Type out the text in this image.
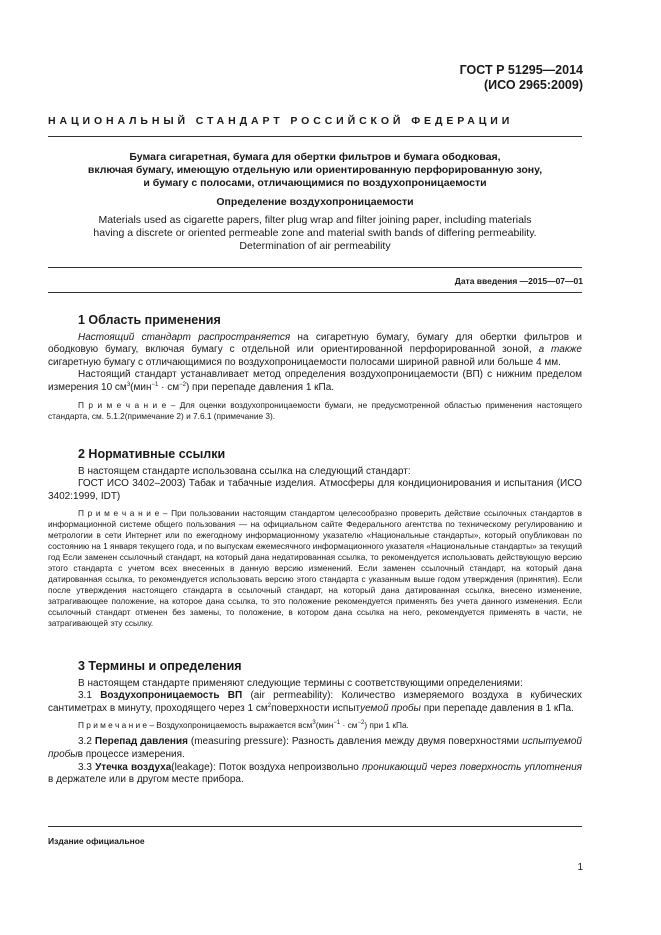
ГОСТ Р 51295—2014
(ИСО 2965:2009)
НАЦИОНАЛЬНЫЙ СТАНДАРТ РОССИЙСКОЙ ФЕДЕРАЦИИ
Бумага сигаретная, бумага для обертки фильтров и бумага ободковая,
включая бумагу, имеющую отдельную или ориентированную перфорированную зону,
и бумагу с полосами, отличающимися по воздухопроницаемости
Определение воздухопроницаемости
Materials used as cigarette papers, filter plug wrap and filter joining paper, including materials
having a discrete or oriented permeable zone and material swith bands of differing permeability.
Determination of air permeability
Дата введения —2015—07—01
1 Область применения

Настоящий стандарт распространяется на сигаретную бумагу, бумагу для обертки фильтров и ободковую бумагу, включая бумагу с отдельной или ориентированной перфорированной зоной, а также сигаретную бумагу с отличающимися по воздухопроницаемости полосами шириной равной или больше 4 мм.

Настоящий стандарт устанавливает метод определения воздухопроницаемости (ВП) с нижним пределом измерения 10 $см^3(мин^{-1} \cdot см^{-2})$ при перепаде давления 1 кПа.

П р и м е ч а н и е – Для оценки воздухопроницаемости бумаги, не предусмотренной областью применения настоящего стандарта, см. 5.1.2(примечание 2) и 7.6.1 (примечание 3).

2 Нормативные ссылки

В настоящем стандарте использована ссылка на следующий стандарт:

ГОСТ ИСО 3402–2003) Табак и табачные изделия. Атмосферы для кондиционирования и испытания (ИСО 3402:1999, IDT)

П р и м е ч а н и е – При пользовании настоящим стандартом целесообразно проверить действие ссылочных стандартов в информационной системе общего пользования — на официальном сайте Федерального агентства по техническому регулированию и метрологии в сети Интернет или по ежегодному информационному указателю «Национальные стандарты», который опубликован по состоянию на 1 января текущего года, и по выпускам ежемесячного информационного указателя «Национальные стандарты» за текущий год Если заменен ссылочный стандарт, на который дана недатированная ссылка, то рекомендуется использовать действующую версию этого стандарта с учетом всех внесенных в данную версию изменений. Если заменен ссылочный стандарт, на который дана датированная ссылка, то рекомендуется использовать версию этого стандарта с указанным выше годом утверждения (принятия). Если после утверждения настоящего стандарта в ссылочный стандарт, на который дана датированная ссылка, внесено изменение, затрагивающее положение, на которое дана ссылка, то это положение рекомендуется применять без учета данного изменения. Если ссылочный стандарт отменен без замены, то положение, в котором дана ссылка на него, рекомендуется применять в части, не затрагивающей эту ссылку.

3 Термины и определения

В настоящем стандарте применяют следующие термины с соответствующими определениями:

3.1 Воздухопроницаемость ВП (air permeability): Количество измеряемого воздуха в кубических сантиметрах в минуту, проходящего через 1 $см^2поверхности$ испытуемой пробы при перепаде давления в 1 кПа.

П р и м е ч а н и е – Воздухопроницаемость выражается $всм^3(мин^{-1} \cdot см^{-2})$ при 1 кПа.

3.2 Перепад давления (measuring pressure): Разность давления между двумя поверхностями испытуемой пробыв процессе измерения.

3.3 Утечка воздуха(leakage): Поток воздуха непроизвольно проникающий через поверхность уплотнения в держателе или в другом месте прибора.

Издание официальное
1
